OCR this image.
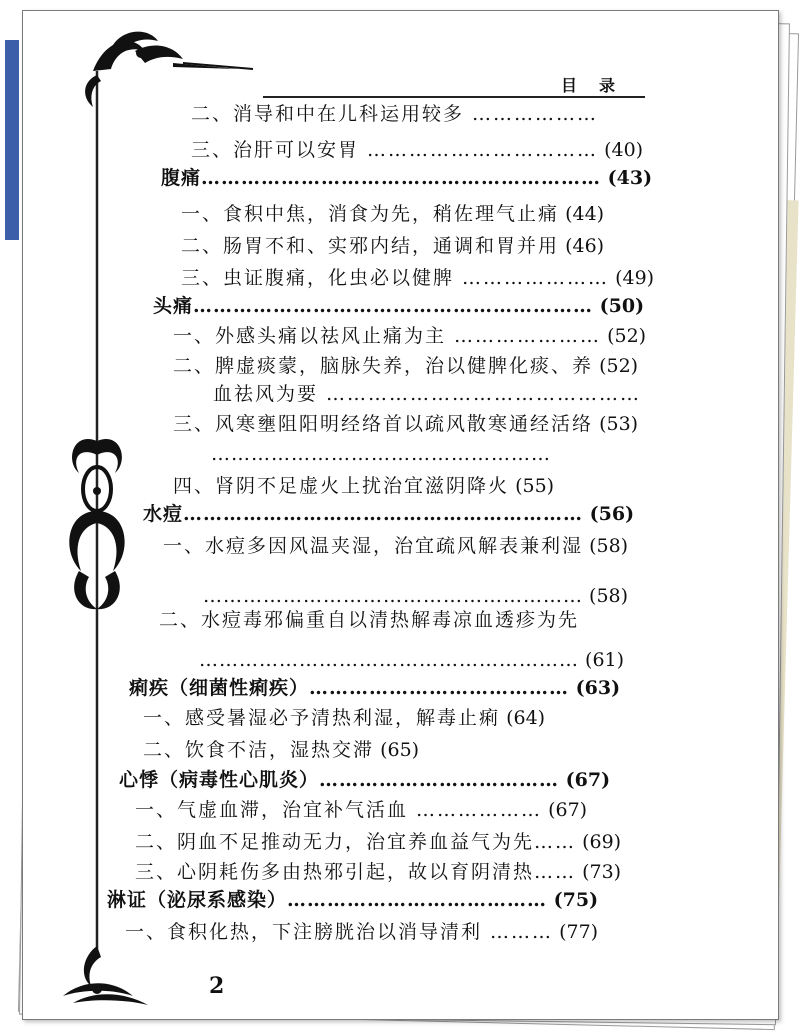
目录
二、消导和中在儿科运用较多 ………………
三、治肝可以安胃 …………………………… (40)
腹痛…………………………………………………… (43)
一、食积中焦，消食为先，稍佐理气止痛 (44)
二、肠胃不和、实邪内结，通调和胃并用 (46)
三、虫证腹痛，化虫必以健脾 ………………… (49)
头痛…………………………………………………… (50)
一、外感头痛以祛风止痛为主 ………………… (52)
二、脾虚痰蒙，脑脉失养，治以健脾化痰、养 (52)
血祛风为要 ………………………………………
三、风寒壅阻阳明经络首以疏风散寒通经活络 (53)
……………………………………………
四、肾阴不足虚火上扰治宜滋阴降火 (55)
水痘…………………………………………………… (56)
一、水痘多因风温夹湿，治宜疏风解表兼利湿 (58)
………………………………………………… (58)
二、水痘毒邪偏重自以清热解毒凉血透疹为先
………………………………………………… (61)
痢疾（细菌性痢疾）………………………………… (63)
一、感受暑湿必予清热利湿，解毒止痢 (64)
二、饮食不洁，湿热交滞 (65)
心悸（病毒性心肌炎）……………………………… (67)
一、气虚血滞，治宜补气活血 ……………… (67)
二、阴血不足推动无力，治宜养血益气为先…… (69)
三、心阴耗伤多由热邪引起，故以育阴清热…… (73)
淋证（泌尿系感染）………………………………… (75)
一、食积化热，下注膀胱治以消导清利 ……… (77)
2
